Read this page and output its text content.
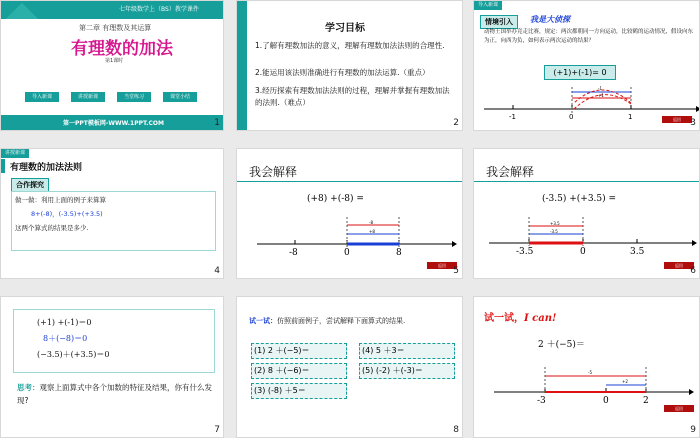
七年级数学上（BS）教学课件
第二章 有理数及其运算
有理数的加法
第1课时
导入新课	讲授新课	当堂练习	课堂小结
第一PPT模板网-WWW.1PPT.COM	1
学习目标
1.了解有理数加法的意义，理解有理数加法法则的合理性.
2.能运用该法则准确进行有理数的加法运算.（重点）
3.经历探索有理数加法法则的过程，理解并掌握有理数加法的法则.（难点）
2
导入新课
情境引入	我是大侦探
动物王国举办竞走比赛，规定：两次都朝同一方向运动，比较鹤的运动情况，假设向东为正，向西为负，如何表示两次运动的结果？
(+1)+(-1)= 0
-1
+1
-1	0	1	返回	3
讲授新课
有理数的加法法则
合作探究
做一做：利用上面的例子来算算
8+(-8)，(-3.5)+(+3.5)
这两个算式的结果是多少.
4
我会解释
(+8) +(-8) =
-8
+8
-8	0	8
返回
5
我会解释
(-3.5) +(+3.5) =
+3.5
-3.5
-3.5	0	3.5
返回
6
(+1) +(-1)＝0
8＋(−8)＝0
(−3.5)＋(+3.5)＝0
思考：观察上面算式中各个加数的特征及结果，你有什么发现?
7
试一试：仿照前面例子，尝试解释下面算式的结果.
(1) 2 ＋(−5)＝	(4) 5 ＋3＝
(2) 8 ＋(−6)＝	(5) (-2) ＋(-3)＝
(3) (-8) ＋5＝
8
试一试，I can!
2 ＋(−5)＝
-5
+2
-3	0	2
返回
9
